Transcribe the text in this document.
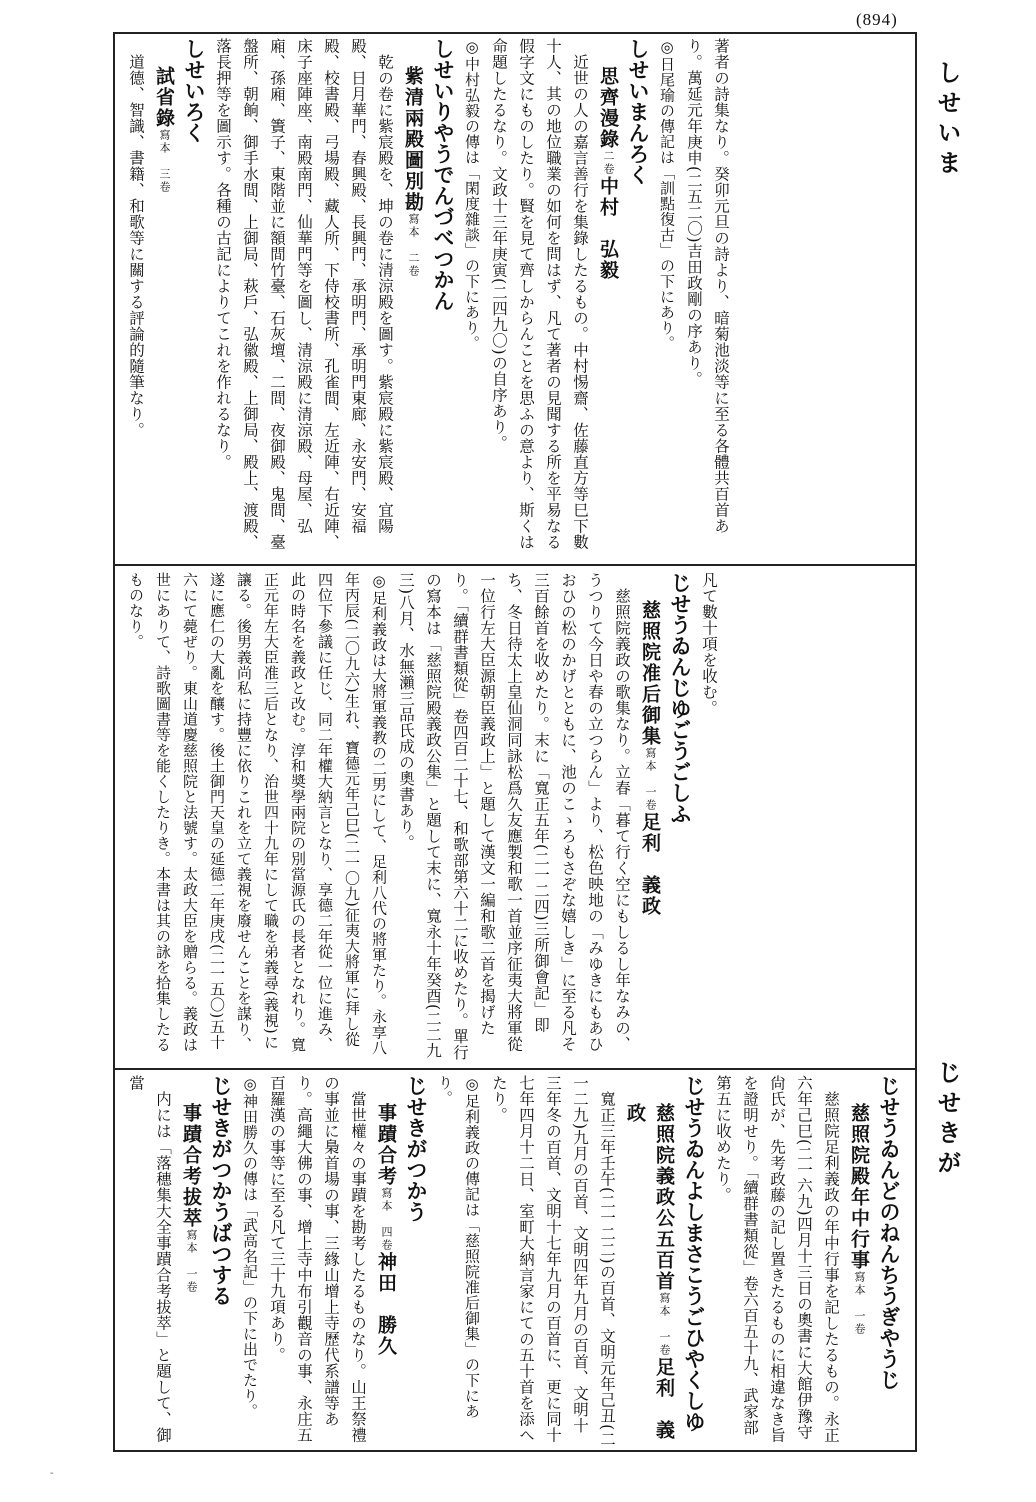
(894)
しせいま
じせきが

著者の詩集なり。癸卯元旦の詩より、暗菊池淡等に至る各體共百首あり。萬延元年庚申(二五二〇)吉田政剛の序あり。

◎日尾瑜の傳記は「訓點復古」の下にあり。

しせいまんろく

思齊漫錄二卷中村　弘毅

近世の人の嘉言善行を集錄したるもの。中村惕齋、佐藤直方等巳下數十人、其の地位職業の如何を問はず、凡て著者の見聞する所を平易なる假字文にものしたり。賢を見て齊しからんことを思ふの意より、斯くは命題したるなり。文政十三年庚寅(二四九〇)の自序あり。

◎中村弘毅の傳は「閑度雜談」の下にあり。

しせいりやうでんづべつかん

紫清兩殿圖別勘寫本　二卷

乾の卷に紫宸殿を、坤の卷に清涼殿を圖す。紫宸殿に紫宸殿、宜陽殿、日月華門、春興殿、長興門、承明門、承明門東廊、永安門、安福殿、校書殿、弓場殿、藏人所、下侍校書所、孔雀間、左近陣、右近陣、床子座陣座、南殿南門、仙華門等を圖し、清涼殿に清涼殿、母屋、弘廂、孫廂、簀子、東階並に額間竹臺、石灰壇、二間、夜御殿、鬼間、臺盤所、朝餉、御手水間、上御局、萩戶、弘徽殿、上御局、殿上、渡殿、落長押等を圖示す。各種の古記によりてこれを作れるなり。

しせいろく

試省錄寫本　三卷

道德、智識、書籍、和歌等に關する評論的隨筆なり。

凡て數十項を收む。

じせうゐんじゆごうごしふ

慈照院准后御集寫本　一卷足利　義政

慈照院義政の歌集なり。立春「暮て行く空にもしるし年なみの、うつりて今日や春の立つらん」より、松色映地の「みゆきにもあひおひの松のかげとともに、池のこゝろもさぞな嬉しき」に至る凡そ三百餘首を收めたり。末に「寬正五年(二一二四)三所御會記」即ち、冬日待太上皇仙洞同詠松爲久友應製和歌一首並序征夷大將軍從一位行左大臣源朝臣義政上」と題して漢文一編和歌二首を揭げたり。「續群書類從」卷四百二十七、和歌部第六十二に收めたり。單行の寫本は「慈照院殿義政公集」と題して末に、寬永十年癸酉(二二九三)八月、水無瀨三品氏成の奧書あり。

◎足利義政は大將軍義教の二男にして、足利八代の將軍たり。永享八年丙辰(二〇九六)生れ、寶德元年己巳(二一〇九)征夷大將軍に拜し從四位下參議に任じ、同二年權大納言となり、享德二年從一位に進み、此の時名を義政と改む。淳和奬學兩院の別當源氏の長者となれり。寬正元年左大臣准三后となり、治世四十九年にして職を弟義尋(義視)に讓る。後男義尚私に持豐に依りこれを立て義視を廢せんことを謀り、遂に應仁の大亂を釀す。後土御門天皇の延德二年庚戌(二一五〇)五十六にて薨ぜり。東山道慶慈照院と法號す。太政大臣を贈らる。義政は世にありて、詩歌圖書等を能くしたりき。本書は其の詠を拾集したるものなり。

じせうゐんどのねんちうぎやうじ

慈照院殿年中行事寫本　一卷

慈照院足利義政の年中行事を記したるもの。永正六年己巳(二一六九)四月十三日の奧書に大館伊豫守尙氏が、先考政藤の記し置きたるものに相違なき旨を證明せり。「續群書類從」卷六百五十九、武家部第五に收めたり。

じせうゐんよしまさこうごひやくしゆ

慈照院義政公五百首寫本　一卷足利　義政

寬正三年壬午(二一二二)の百首、文明元年己丑(二一二九)九月の百首、文明四年九月の百首、文明十三年冬の百首、文明十七年九月の百首に、更に同十七年四月十二日、室町大納言家にての五十首を添へたり。

◎足利義政の傳記は「慈照院准后御集」の下にあり。

じせきがつかう

事蹟合考寫本　四卷神田　勝久

當世權々の事蹟を勘考したるものなり。山王祭禮の事並に梟首場の事、三緣山增上寺歷代系譜等あり。高繩大佛の事、增上寺中布引觀音の事、永庄五百羅漢の事等に至る凡て三十九項あり。

◎神田勝久の傳は「武高名記」の下に出でたり。

じせきがつかうばつする

事蹟合考拔萃寫本　一卷

内には「落穗集大全事蹟合考拔萃」と題して、御當

-
